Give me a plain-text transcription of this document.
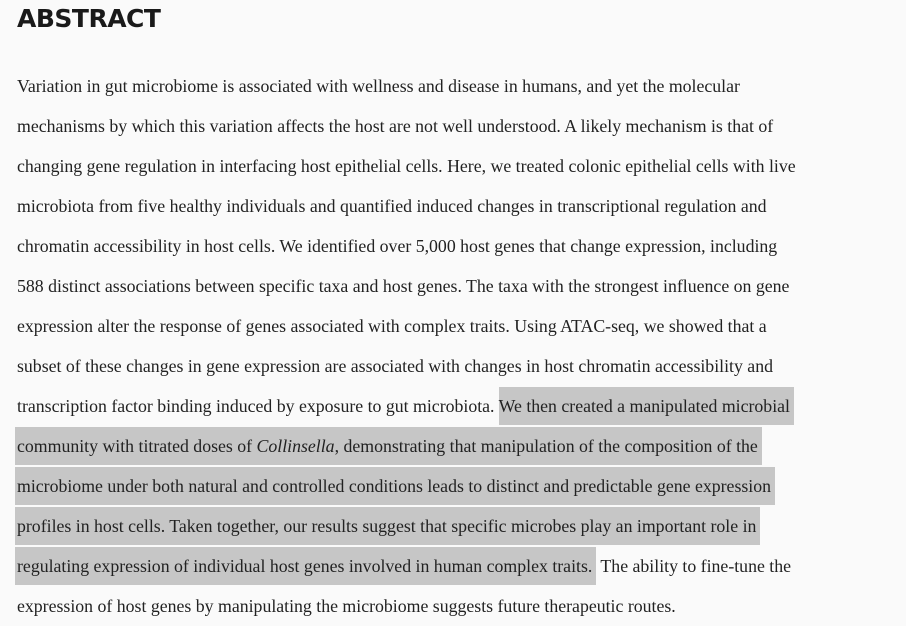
ABSTRACT
Variation in gut microbiome is associated with wellness and disease in humans, and yet the molecular
mechanisms by which this variation affects the host are not well understood. A likely mechanism is that of
changing gene regulation in interfacing host epithelial cells. Here, we treated colonic epithelial cells with live
microbiota from five healthy individuals and quantified induced changes in transcriptional regulation and
chromatin accessibility in host cells. We identified over 5,000 host genes that change expression, including
588 distinct associations between specific taxa and host genes. The taxa with the strongest influence on gene
expression alter the response of genes associated with complex traits. Using ATAC-seq, we showed that a
subset of these changes in gene expression are associated with changes in host chromatin accessibility and
transcription factor binding induced by exposure to gut microbiota. We then created a manipulated microbial
community with titrated doses of Collinsella, demonstrating that manipulation of the composition of the
microbiome under both natural and controlled conditions leads to distinct and predictable gene expression
profiles in host cells. Taken together, our results suggest that specific microbes play an important role in
regulating expression of individual host genes involved in human complex traits. The ability to fine-tune the
expression of host genes by manipulating the microbiome suggests future therapeutic routes.
